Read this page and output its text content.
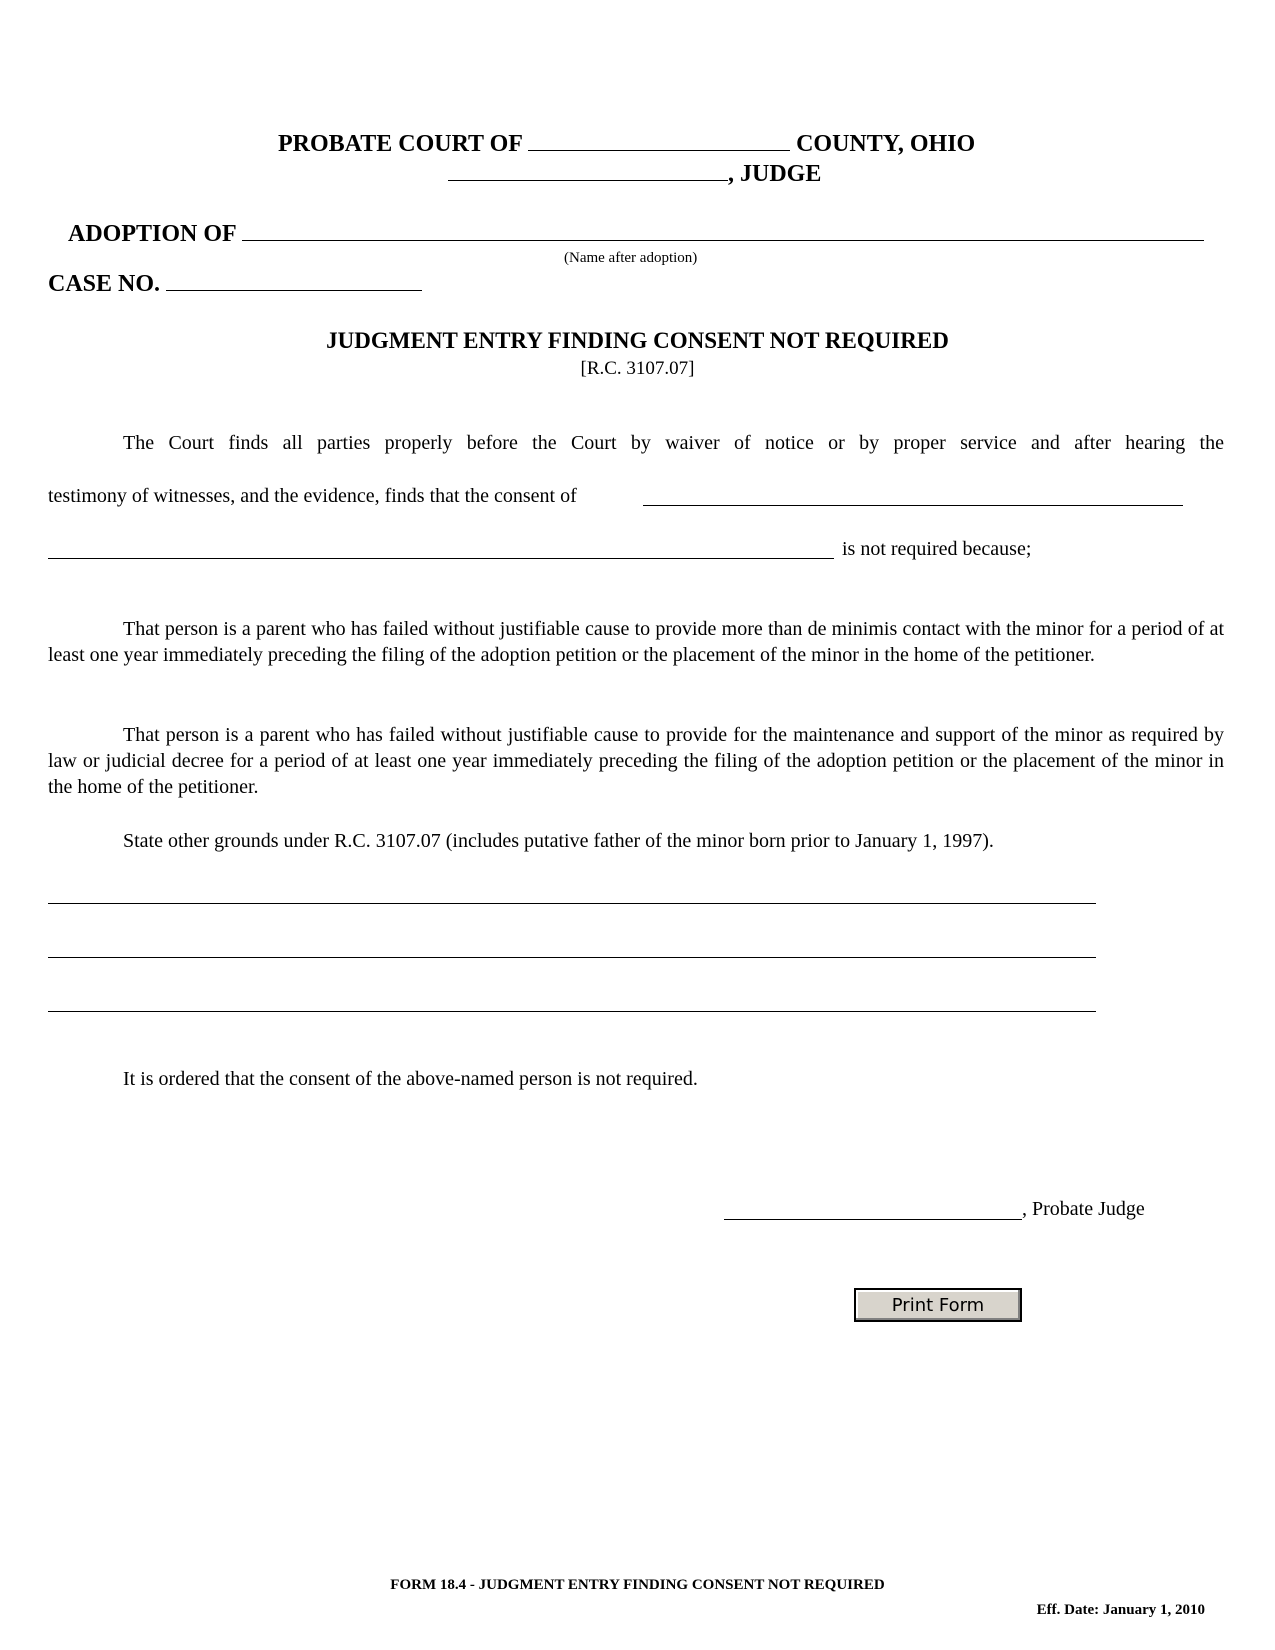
PROBATE COURT OF	COUNTY, OHIO
, JUDGE
ADOPTION OF
(Name after adoption)
CASE NO.
JUDGMENT ENTRY FINDING CONSENT NOT REQUIRED
[R.C. 3107.07]
The Court finds all parties properly before the Court by waiver of notice or by proper service and after hearing the
testimony of witnesses, and the evidence, finds that the consent of
is not required because;
That person is a parent who has failed without justifiable cause to provide more than de minimis contact with the minor for a period of at least one year immediately preceding the filing of the adoption petition or the placement of the minor in the home of the petitioner.
That person is a parent who has failed without justifiable cause to provide for the maintenance and support of the minor as required by law or judicial decree for a period of at least one year immediately preceding the filing of the adoption petition or the placement of the minor in the home of the petitioner.
State other grounds under R.C. 3107.07 (includes putative father of the minor born prior to January 1, 1997).
It is ordered that the consent of the above-named person is not required.
, Probate Judge
Print Form
FORM 18.4 - JUDGMENT ENTRY FINDING CONSENT NOT REQUIRED
Eff. Date: January 1, 2010
